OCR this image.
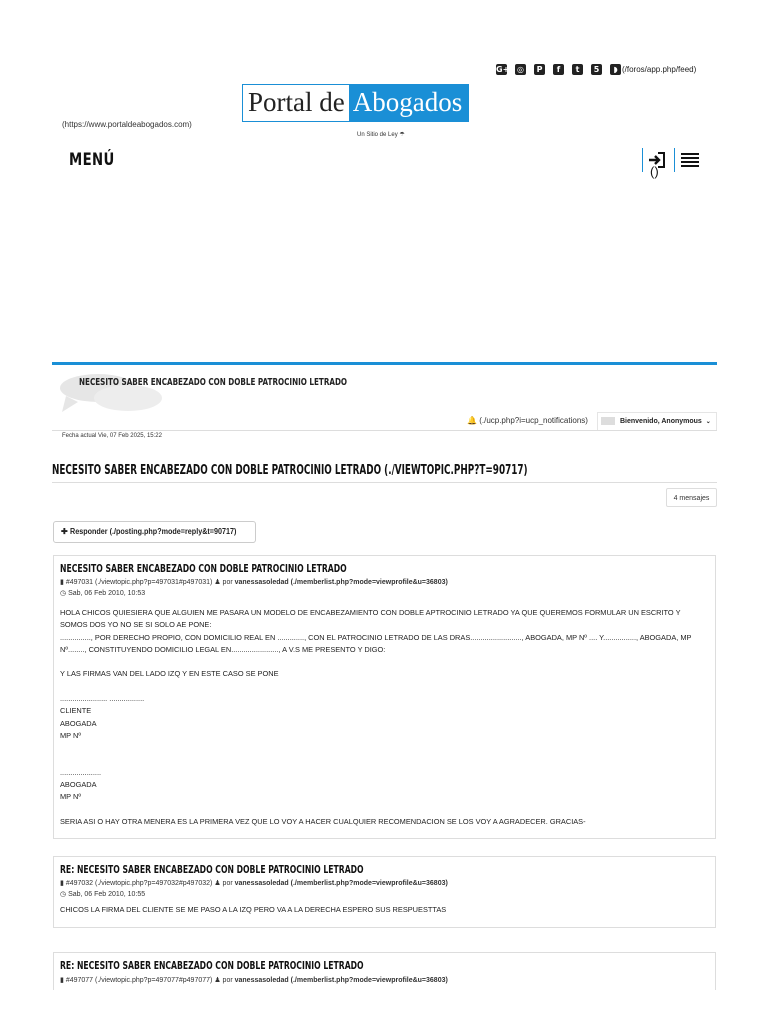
G+ ◎	P	f	t	5	◗ (/foros/app.php/feed)
Portal de Abogados
(https://www.portaldeabogados.com)
Un Sitio de Ley ☂
MENÚ
()
NECESITO SABER ENCABEZADO CON DOBLE PATROCINIO LETRADO
🔔 (./ucp.php?i=ucp_notifications)	Bienvenido, Anonymous ⌄
Fecha actual Vie, 07 Feb 2025, 15:22
NECESITO SABER ENCABEZADO CON DOBLE PATROCINIO LETRADO (./VIEWTOPIC.PHP?T=90717)
4 mensajes
✚ Responder (./posting.php?mode=reply&t=90717)
NECESITO SABER ENCABEZADO CON DOBLE PATROCINIO LETRADO
▮ #497031 (./viewtopic.php?p=497031#p497031) ♟ por vanessasoledad (./memberlist.php?mode=viewprofile&u=36803)
◷ Sab, 06 Feb 2010, 10:53
HOLA CHICOS QUIESIERA QUE ALGUIEN ME PASARA UN MODELO DE ENCABEZAMIENTO CON DOBLE APTROCINIO LETRADO YA QUE QUEREMOS FORMULAR UN ESCRITO Y SOMOS DOS YO NO SE SI SOLO AE PONE:
..............., POR DERECHO PROPIO, CON DOMICILIO REAL EN ............., CON EL PATROCINIO LETRADO DE LAS DRAS........................., ABOGADA, MP Nº .... Y................, ABOGADA, MP Nº........, CONSTITUYENDO DOMICILIO LEGAL EN......................., A V.S ME PRESENTO Y DIGO:
Y LAS FIRMAS VAN DEL LADO IZQ Y EN ESTE CASO SE PONE
....................... .................
CLIENTE
ABOGADA
MP Nº
....................
ABOGADA
MP Nº
SERIA ASI O HAY OTRA MENERA ES LA PRIMERA VEZ QUE LO VOY A HACER CUALQUIER RECOMENDACION SE LOS VOY A AGRADECER. GRACIAS-
RE: NECESITO SABER ENCABEZADO CON DOBLE PATROCINIO LETRADO
▮ #497032 (./viewtopic.php?p=497032#p497032) ♟ por vanessasoledad (./memberlist.php?mode=viewprofile&u=36803)
◷ Sab, 06 Feb 2010, 10:55
CHICOS LA FIRMA DEL CLIENTE SE ME PASO A LA IZQ PERO VA A LA DERECHA ESPERO SUS RESPUESTTAS
RE: NECESITO SABER ENCABEZADO CON DOBLE PATROCINIO LETRADO
▮ #497077 (./viewtopic.php?p=497077#p497077) ♟ por vanessasoledad (./memberlist.php?mode=viewprofile&u=36803)
